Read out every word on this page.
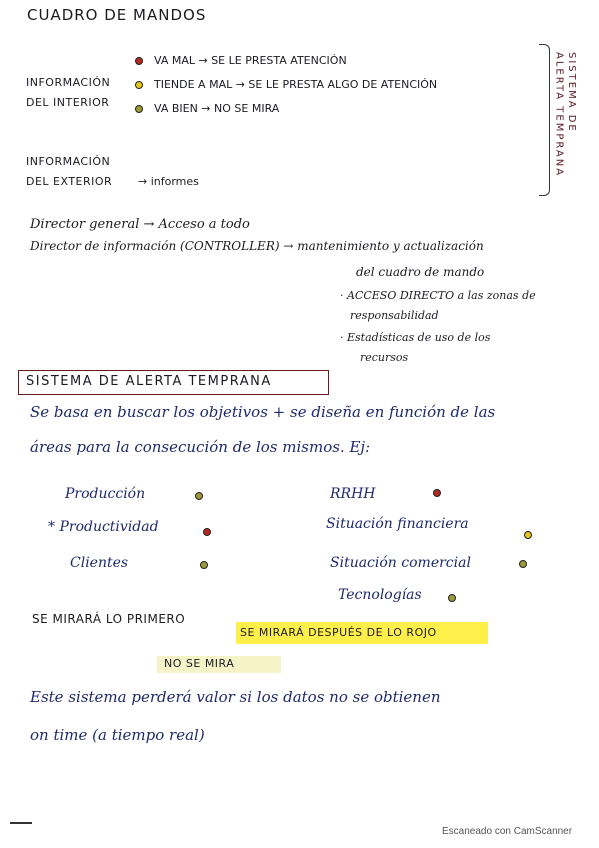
CUADRO DE MANDOS
INFORMACIÓN
DEL INTERIOR
VA MAL → SE LE PRESTA ATENCIÓN
TIENDE A MAL → SE LE PRESTA ALGO DE ATENCIÓN
VA BIEN → NO SE MIRA	SISTEMA DE
ALERTA TEMPRANA
INFORMACIÓN
DEL EXTERIOR → informes
Director general → Acceso a todo
Director de información (CONTROLLER) → mantenimiento y actualización
del cuadro de mando
· ACCESO DIRECTO a las zonas de
responsabilidad
· Estadísticas de uso de los
recursos
SISTEMA DE ALERTA TEMPRANA
Se basa en buscar los objetivos + se diseña en función de las
áreas para la consecución de los mismos. Ej:
Producción
* Productividad
Clientes
RRHH
Situación financiera
Situación comercial
Tecnologías
SE MIRARÁ LO PRIMERO
SE MIRARÁ DESPUÉS DE LO ROJO
NO SE MIRA
Este sistema perderá valor si los datos no se obtienen
on time (a tiempo real)
Escaneado con CamScanner
